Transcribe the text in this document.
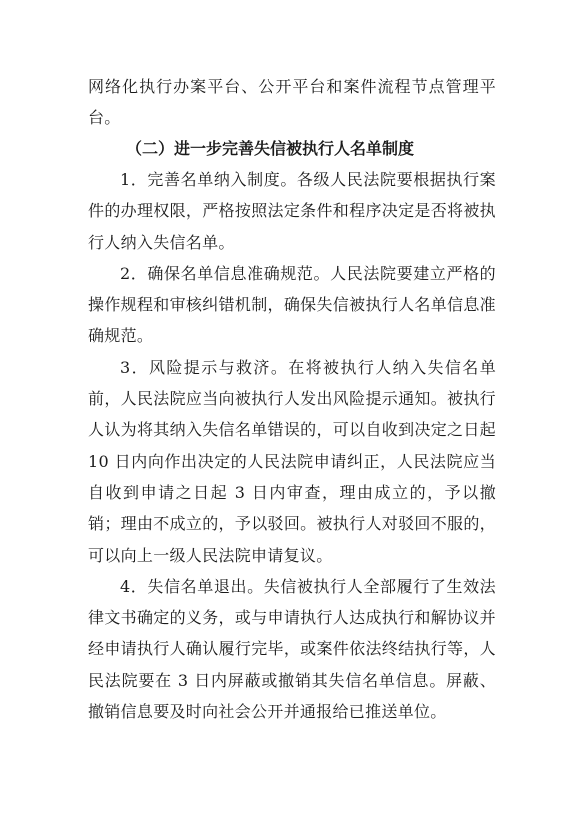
网络化执行办案平台、公开平台和案件流程节点管理平台。
（二）进一步完善失信被执行人名单制度

1．完善名单纳入制度。各级人民法院要根据执行案件的办理权限，严格按照法定条件和程序决定是否将被执行人纳入失信名单。

2．确保名单信息准确规范。人民法院要建立严格的操作规程和审核纠错机制，确保失信被执行人名单信息准确规范。

3．风险提示与救济。在将被执行人纳入失信名单前，人民法院应当向被执行人发出风险提示通知。被执行人认为将其纳入失信名单错误的，可以自收到决定之日起 10 日内向作出决定的人民法院申请纠正，人民法院应当自收到申请之日起 3 日内审查，理由成立的，予以撤销；理由不成立的，予以驳回。被执行人对驳回不服的，可以向上一级人民法院申请复议。

4．失信名单退出。失信被执行人全部履行了生效法律文书确定的义务，或与申请执行人达成执行和解协议并经申请执行人确认履行完毕，或案件依法终结执行等，人民法院要在 3 日内屏蔽或撤销其失信名单信息。屏蔽、撤销信息要及时向社会公开并通报给已推送单位。
